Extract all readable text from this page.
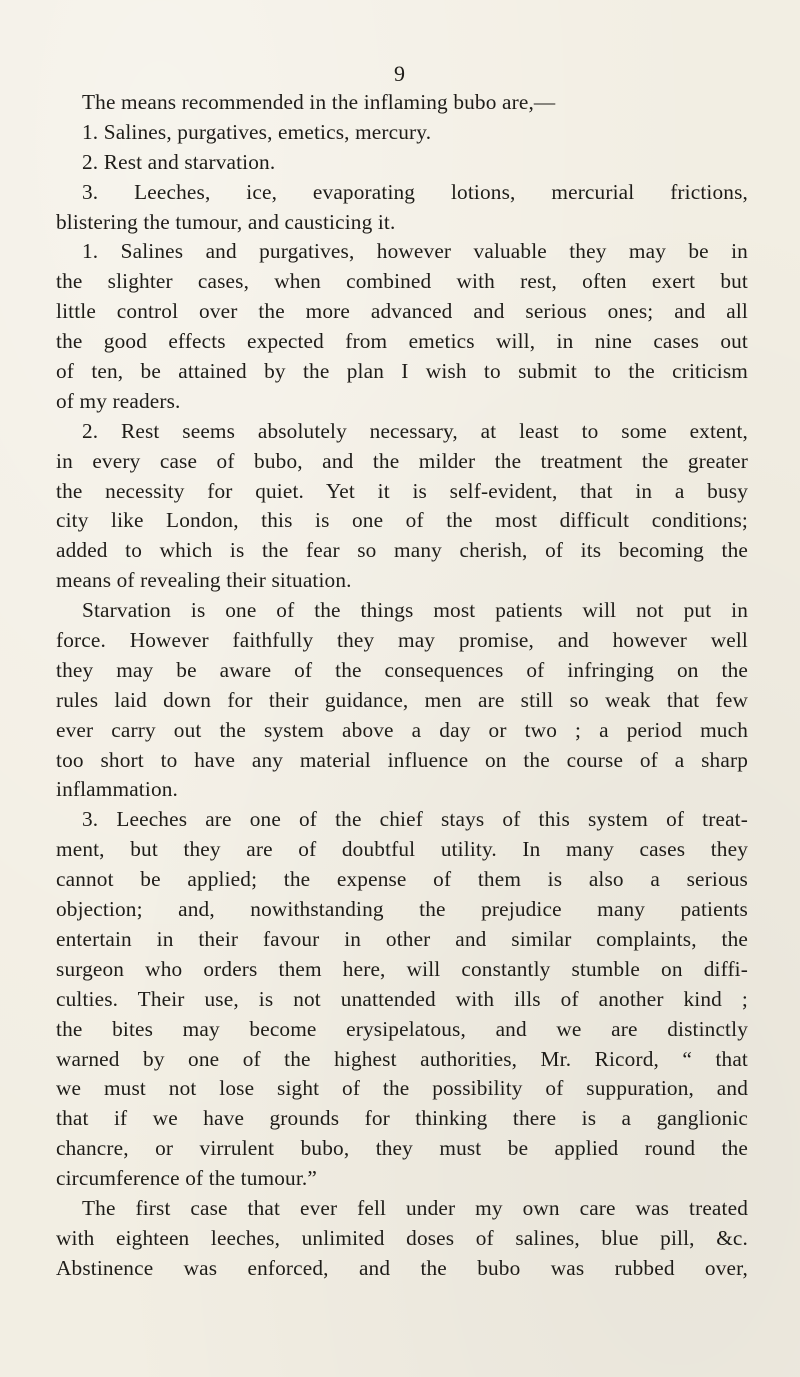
9
The means recommended in the inflaming bubo are,—
1. Salines, purgatives, emetics, mercury.
2. Rest and starvation.
3. Leeches, ice, evaporating lotions, mercurial frictions,
blistering the tumour, and causticing it.
1. Salines and purgatives, however valuable they may be in
the slighter cases, when combined with rest, often exert but
little control over the more advanced and serious ones; and all
the good effects expected from emetics will, in nine cases out
of ten, be attained by the plan I wish to submit to the criticism
of my readers.
2. Rest seems absolutely necessary, at least to some extent,
in every case of bubo, and the milder the treatment the greater
the necessity for quiet. Yet it is self-evident, that in a busy
city like London, this is one of the most difficult conditions;
added to which is the fear so many cherish, of its becoming the
means of revealing their situation.
Starvation is one of the things most patients will not put in
force. However faithfully they may promise, and however well
they may be aware of the consequences of infringing on the
rules laid down for their guidance, men are still so weak that few
ever carry out the system above a day or two ; a period much
too short to have any material influence on the course of a sharp
inflammation.
3. Leeches are one of the chief stays of this system of treat-
ment, but they are of doubtful utility. In many cases they
cannot be applied; the expense of them is also a serious
objection; and, nowithstanding the prejudice many patients
entertain in their favour in other and similar complaints, the
surgeon who orders them here, will constantly stumble on diffi-
culties. Their use, is not unattended with ills of another kind ;
the bites may become erysipelatous, and we are distinctly
warned by one of the highest authorities, Mr. Ricord, “ that
we must not lose sight of the possibility of suppuration, and
that if we have grounds for thinking there is a ganglionic
chancre, or virrulent bubo, they must be applied round the
circumference of the tumour.”
The first case that ever fell under my own care was treated
with eighteen leeches, unlimited doses of salines, blue pill, &c.
Abstinence was enforced, and the bubo was rubbed over,
